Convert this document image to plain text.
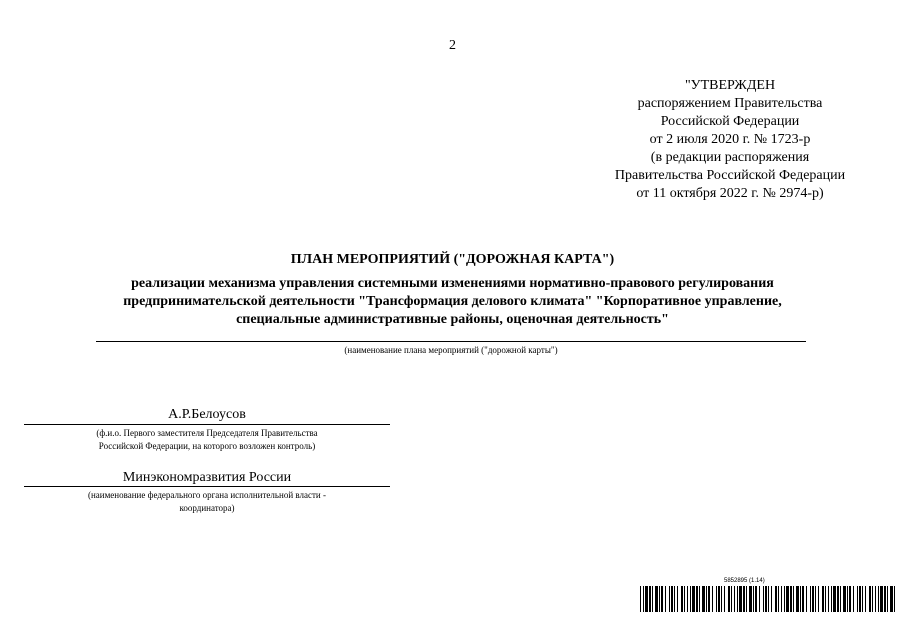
2
"УТВЕРЖДЕН
распоряжением Правительства
Российской Федерации
от 2 июля 2020 г. № 1723-р
(в редакции распоряжения
Правительства Российской Федерации
от 11 октября 2022 г. № 2974-р)
ПЛАН МЕРОПРИЯТИЙ ("ДОРОЖНАЯ КАРТА")
реализации механизма управления системными изменениями нормативно-правового регулирования
предпринимательской деятельности "Трансформация делового климата" "Корпоративное управление,
специальные административные районы, оценочная деятельность"
(наименование плана мероприятий ("дорожной карты")
А.Р.Белоусов
(ф.и.о. Первого заместителя Председателя Правительства
Российской Федерации, на которого возложен контроль)
Минэкономразвития России
(наименование федерального органа исполнительной власти -
координатора)
5852895 (1.14)
